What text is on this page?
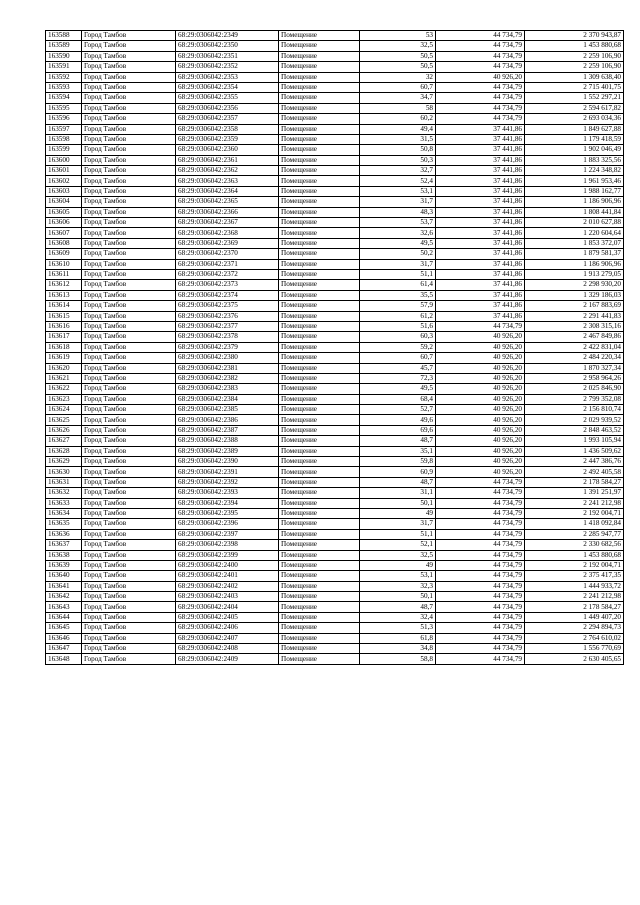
163588	Город Тамбов	68:29:0306042:2349	Помещение	53	44 734,79	2 370 943,87
163589	Город Тамбов	68:29:0306042:2350	Помещение	32,5	44 734,79	1 453 880,68
163590	Город Тамбов	68:29:0306042:2351	Помещение	50,5	44 734,79	2 259 106,90
163591	Город Тамбов	68:29:0306042:2352	Помещение	50,5	44 734,79	2 259 106,90
163592	Город Тамбов	68:29:0306042:2353	Помещение	32	40 926,20	1 309 638,40
163593	Город Тамбов	68:29:0306042:2354	Помещение	60,7	44 734,79	2 715 401,75
163594	Город Тамбов	68:29:0306042:2355	Помещение	34,7	44 734,79	1 552 297,21
163595	Город Тамбов	68:29:0306042:2356	Помещение	58	44 734,79	2 594 617,82
163596	Город Тамбов	68:29:0306042:2357	Помещение	60,2	44 734,79	2 693 034,36
163597	Город Тамбов	68:29:0306042:2358	Помещение	49,4	37 441,86	1 849 627,88
163598	Город Тамбов	68:29:0306042:2359	Помещение	31,5	37 441,86	1 179 418,59
163599	Город Тамбов	68:29:0306042:2360	Помещение	50,8	37 441,86	1 902 046,49
163600	Город Тамбов	68:29:0306042:2361	Помещение	50,3	37 441,86	1 883 325,56
163601	Город Тамбов	68:29:0306042:2362	Помещение	32,7	37 441,86	1 224 348,82
163602	Город Тамбов	68:29:0306042:2363	Помещение	52,4	37 441,86	1 961 953,46
163603	Город Тамбов	68:29:0306042:2364	Помещение	53,1	37 441,86	1 988 162,77
163604	Город Тамбов	68:29:0306042:2365	Помещение	31,7	37 441,86	1 186 906,96
163605	Город Тамбов	68:29:0306042:2366	Помещение	48,3	37 441,86	1 808 441,84
163606	Город Тамбов	68:29:0306042:2367	Помещение	53,7	37 441,86	2 010 627,88
163607	Город Тамбов	68:29:0306042:2368	Помещение	32,6	37 441,86	1 220 604,64
163608	Город Тамбов	68:29:0306042:2369	Помещение	49,5	37 441,86	1 853 372,07
163609	Город Тамбов	68:29:0306042:2370	Помещение	50,2	37 441,86	1 879 581,37
163610	Город Тамбов	68:29:0306042:2371	Помещение	31,7	37 441,86	1 186 906,96
163611	Город Тамбов	68:29:0306042:2372	Помещение	51,1	37 441,86	1 913 279,05
163612	Город Тамбов	68:29:0306042:2373	Помещение	61,4	37 441,86	2 298 930,20
163613	Город Тамбов	68:29:0306042:2374	Помещение	35,5	37 441,86	1 329 186,03
163614	Город Тамбов	68:29:0306042:2375	Помещение	57,9	37 441,86	2 167 883,69
163615	Город Тамбов	68:29:0306042:2376	Помещение	61,2	37 441,86	2 291 441,83
163616	Город Тамбов	68:29:0306042:2377	Помещение	51,6	44 734,79	2 308 315,16
163617	Город Тамбов	68:29:0306042:2378	Помещение	60,3	40 926,20	2 467 849,86
163618	Город Тамбов	68:29:0306042:2379	Помещение	59,2	40 926,20	2 422 831,04
163619	Город Тамбов	68:29:0306042:2380	Помещение	60,7	40 926,20	2 484 220,34
163620	Город Тамбов	68:29:0306042:2381	Помещение	45,7	40 926,20	1 870 327,34
163621	Город Тамбов	68:29:0306042:2382	Помещение	72,3	40 926,20	2 958 964,26
163622	Город Тамбов	68:29:0306042:2383	Помещение	49,5	40 926,20	2 025 846,90
163623	Город Тамбов	68:29:0306042:2384	Помещение	68,4	40 926,20	2 799 352,08
163624	Город Тамбов	68:29:0306042:2385	Помещение	52,7	40 926,20	2 156 810,74
163625	Город Тамбов	68:29:0306042:2386	Помещение	49,6	40 926,20	2 029 939,52
163626	Город Тамбов	68:29:0306042:2387	Помещение	69,6	40 926,20	2 848 463,52
163627	Город Тамбов	68:29:0306042:2388	Помещение	48,7	40 926,20	1 993 105,94
163628	Город Тамбов	68:29:0306042:2389	Помещение	35,1	40 926,20	1 436 509,62
163629	Город Тамбов	68:29:0306042:2390	Помещение	59,8	40 926,20	2 447 386,76
163630	Город Тамбов	68:29:0306042:2391	Помещение	60,9	40 926,20	2 492 405,58
163631	Город Тамбов	68:29:0306042:2392	Помещение	48,7	44 734,79	2 178 584,27
163632	Город Тамбов	68:29:0306042:2393	Помещение	31,1	44 734,79	1 391 251,97
163633	Город Тамбов	68:29:0306042:2394	Помещение	50,1	44 734,79	2 241 212,98
163634	Город Тамбов	68:29:0306042:2395	Помещение	49	44 734,79	2 192 004,71
163635	Город Тамбов	68:29:0306042:2396	Помещение	31,7	44 734,79	1 418 092,84
163636	Город Тамбов	68:29:0306042:2397	Помещение	51,1	44 734,79	2 285 947,77
163637	Город Тамбов	68:29:0306042:2398	Помещение	52,1	44 734,79	2 330 682,56
163638	Город Тамбов	68:29:0306042:2399	Помещение	32,5	44 734,79	1 453 880,68
163639	Город Тамбов	68:29:0306042:2400	Помещение	49	44 734,79	2 192 004,71
163640	Город Тамбов	68:29:0306042:2401	Помещение	53,1	44 734,79	2 375 417,35
163641	Город Тамбов	68:29:0306042:2402	Помещение	32,3	44 734,79	1 444 933,72
163642	Город Тамбов	68:29:0306042:2403	Помещение	50,1	44 734,79	2 241 212,98
163643	Город Тамбов	68:29:0306042:2404	Помещение	48,7	44 734,79	2 178 584,27
163644	Город Тамбов	68:29:0306042:2405	Помещение	32,4	44 734,79	1 449 407,20
163645	Город Тамбов	68:29:0306042:2406	Помещение	51,3	44 734,79	2 294 894,73
163646	Город Тамбов	68:29:0306042:2407	Помещение	61,8	44 734,79	2 764 610,02
163647	Город Тамбов	68:29:0306042:2408	Помещение	34,8	44 734,79	1 556 770,69
163648	Город Тамбов	68:29:0306042:2409	Помещение	58,8	44 734,79	2 630 405,65
